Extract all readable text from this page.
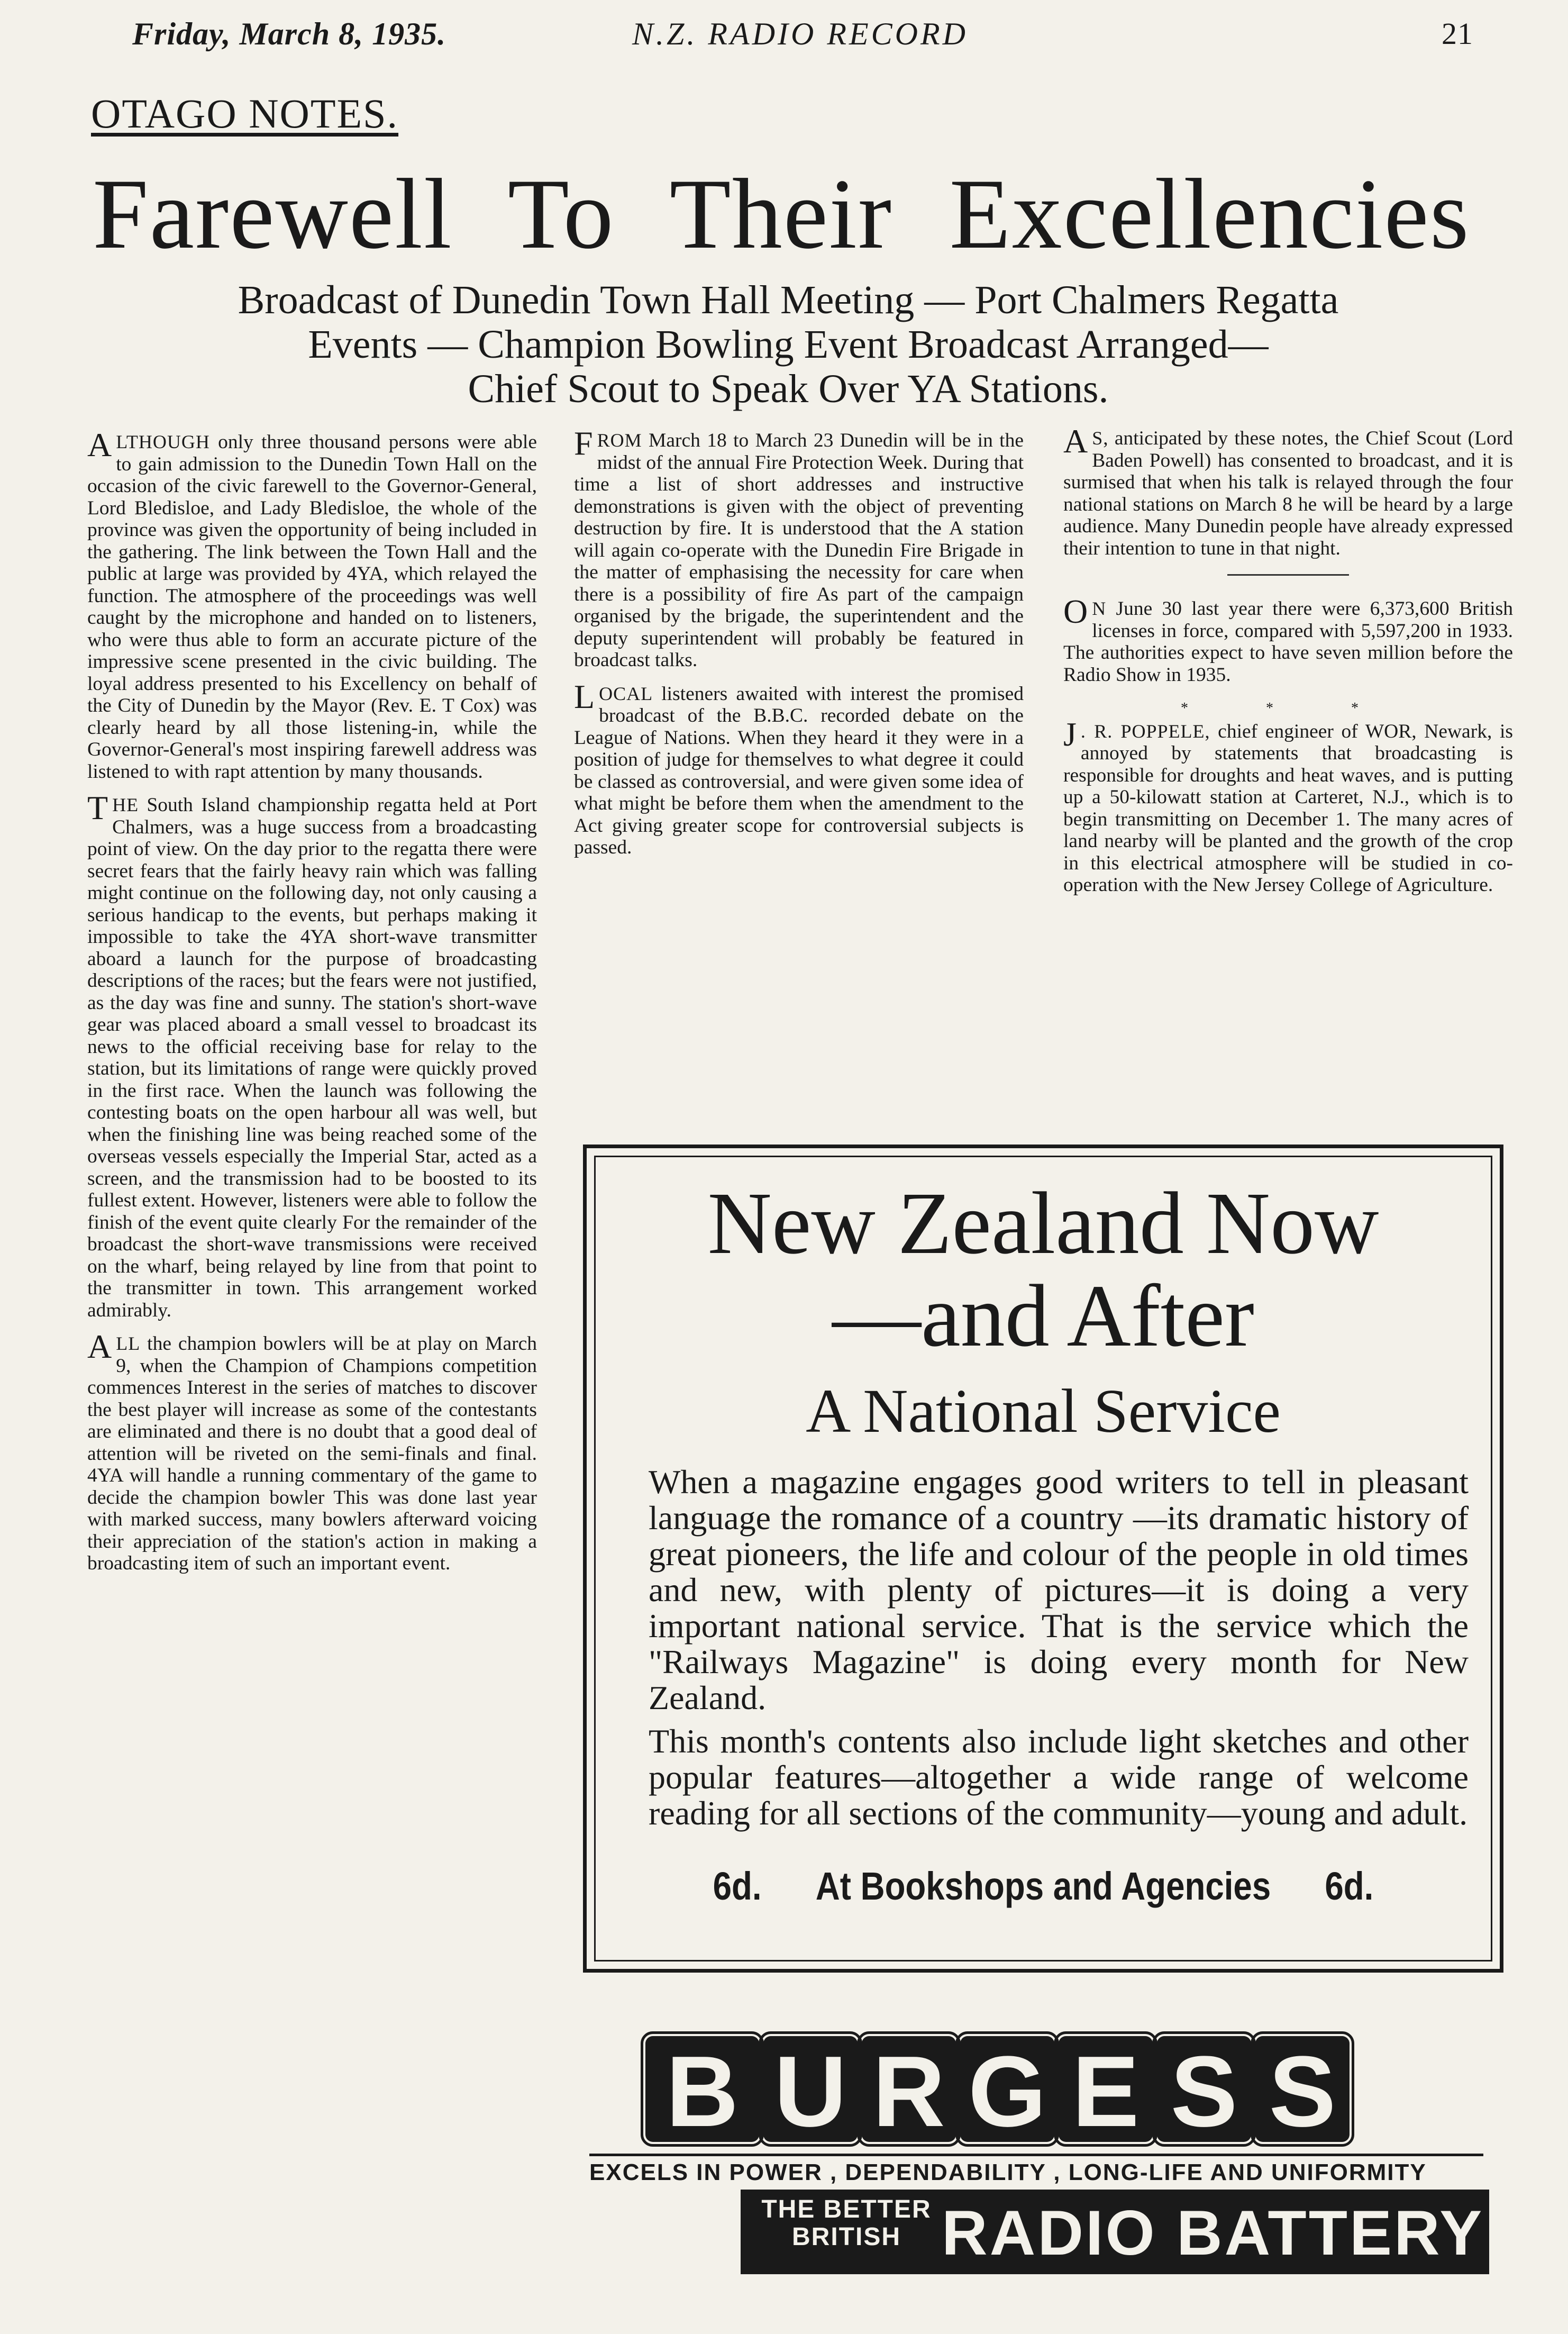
Friday, March 8, 1935.	N.Z. RADIO RECORD	21
OTAGO NOTES.
Farewell To Their Excellencies
Broadcast of Dunedin Town Hall Meeting — Port Chalmers Regatta
Events — Champion Bowling Event Broadcast Arranged—
Chief Scout to Speak Over YA Stations.

ALTHOUGH only three thousand persons were able to gain admission to the Dunedin Town Hall on the occasion of the civic farewell to the Governor-General, Lord Bledisloe, and Lady Bledisloe, the whole of the province was given the opportunity of being included in the gathering. The link between the Town Hall and the public at large was provided by 4YA, which relayed the function. The atmosphere of the proceedings was well caught by the microphone and handed on to listeners, who were thus able to form an accurate picture of the impressive scene presented in the civic building. The loyal address presented to his Excellency on behalf of the City of Dunedin by the Mayor (Rev. E. T Cox) was clearly heard by all those listening-in, while the Governor-General's most inspiring farewell address was listened to with rapt attention by many thousands.

THE South Island championship regatta held at Port Chalmers, was a huge success from a broadcasting point of view. On the day prior to the regatta there were secret fears that the fairly heavy rain which was falling might continue on the following day, not only causing a serious handicap to the events, but perhaps making it impossible to take the 4YA short-wave transmitter aboard a launch for the purpose of broadcasting descriptions of the races; but the fears were not justified, as the day was fine and sunny. The station's short-wave gear was placed aboard a small vessel to broadcast its news to the official receiving base for relay to the station, but its limitations of range were quickly proved in the first race. When the launch was following the contesting boats on the open harbour all was well, but when the finishing line was being reached some of the overseas vessels especially the Imperial Star, acted as a screen, and the transmission had to be boosted to its fullest extent. However, listeners were able to follow the finish of the event quite clearly For the remainder of the broadcast the short-wave transmissions were received on the wharf, being relayed by line from that point to the transmitter in town. This arrangement worked admirably.

ALL the champion bowlers will be at play on March 9, when the Champion of Champions competition commences Interest in the series of matches to discover the best player will increase as some of the contestants are eliminated and there is no doubt that a good deal of attention will be riveted on the semi-finals and final. 4YA will handle a running commentary of the game to decide the champion bowler This was done last year with marked success, many bowlers afterward voicing their appreciation of the station's action in making a broadcasting item of such an important event.

FROM March 18 to March 23 Dunedin will be in the midst of the annual Fire Protection Week. During that time a list of short addresses and instructive demonstrations is given with the object of preventing destruction by fire. It is understood that the A station will again co-operate with the Dunedin Fire Brigade in the matter of emphasising the necessity for care when there is a possibility of fire As part of the campaign organised by the brigade, the superintendent and the deputy superintendent will probably be featured in broadcast talks.

LOCAL listeners awaited with interest the promised broadcast of the B.B.C. recorded debate on the League of Nations. When they heard it they were in a position of judge for themselves to what degree it could be classed as controversial, and were given some idea of what might be before them when the amendment to the Act giving greater scope for controversial subjects is passed.

A S, anticipated by these notes, the Chief Scout (Lord Baden Powell) has consented to broadcast, and it is surmised that when his talk is relayed through the four national stations on March 8 he will be heard by a large audience. Many Dunedin people have already expressed their intention to tune in that night.

O N June 30 last year there were 6,373,600 British licenses in force, compared with 5,597,200 in 1933. The authorities expect to have seven million before the Radio Show in 1935.

* * *

J . R. POPPELE, chief engineer of WOR, Newark, is annoyed by statements that broadcasting is responsible for droughts and heat waves, and is putting up a 50-kilowatt station at Carteret, N.J., which is to begin transmitting on December 1. The many acres of land nearby will be planted and the growth of the crop in this electrical atmosphere will be studied in co-operation with the New Jersey College of Agriculture.

New Zealand Now
—and After
A National Service

When a magazine engages good writers to tell in pleasant language the romance of a country —its dramatic history of great pioneers, the life and colour of the people in old times and new, with plenty of pictures—it is doing a very important national service. That is the service which the "Railways Magazine" is doing every month for New Zealand.

This month's contents also include light sketches and other popular features—altogether a wide range of welcome reading for all sections of the community—young and adult.

6d. At Bookshops and Agencies 6d.
B U R G E S S
EXCELS IN POWER , DEPENDABILITY , LONG-LIFE AND UNIFORMITY
THE BETTER
BRITISH RADIO BATTERY
